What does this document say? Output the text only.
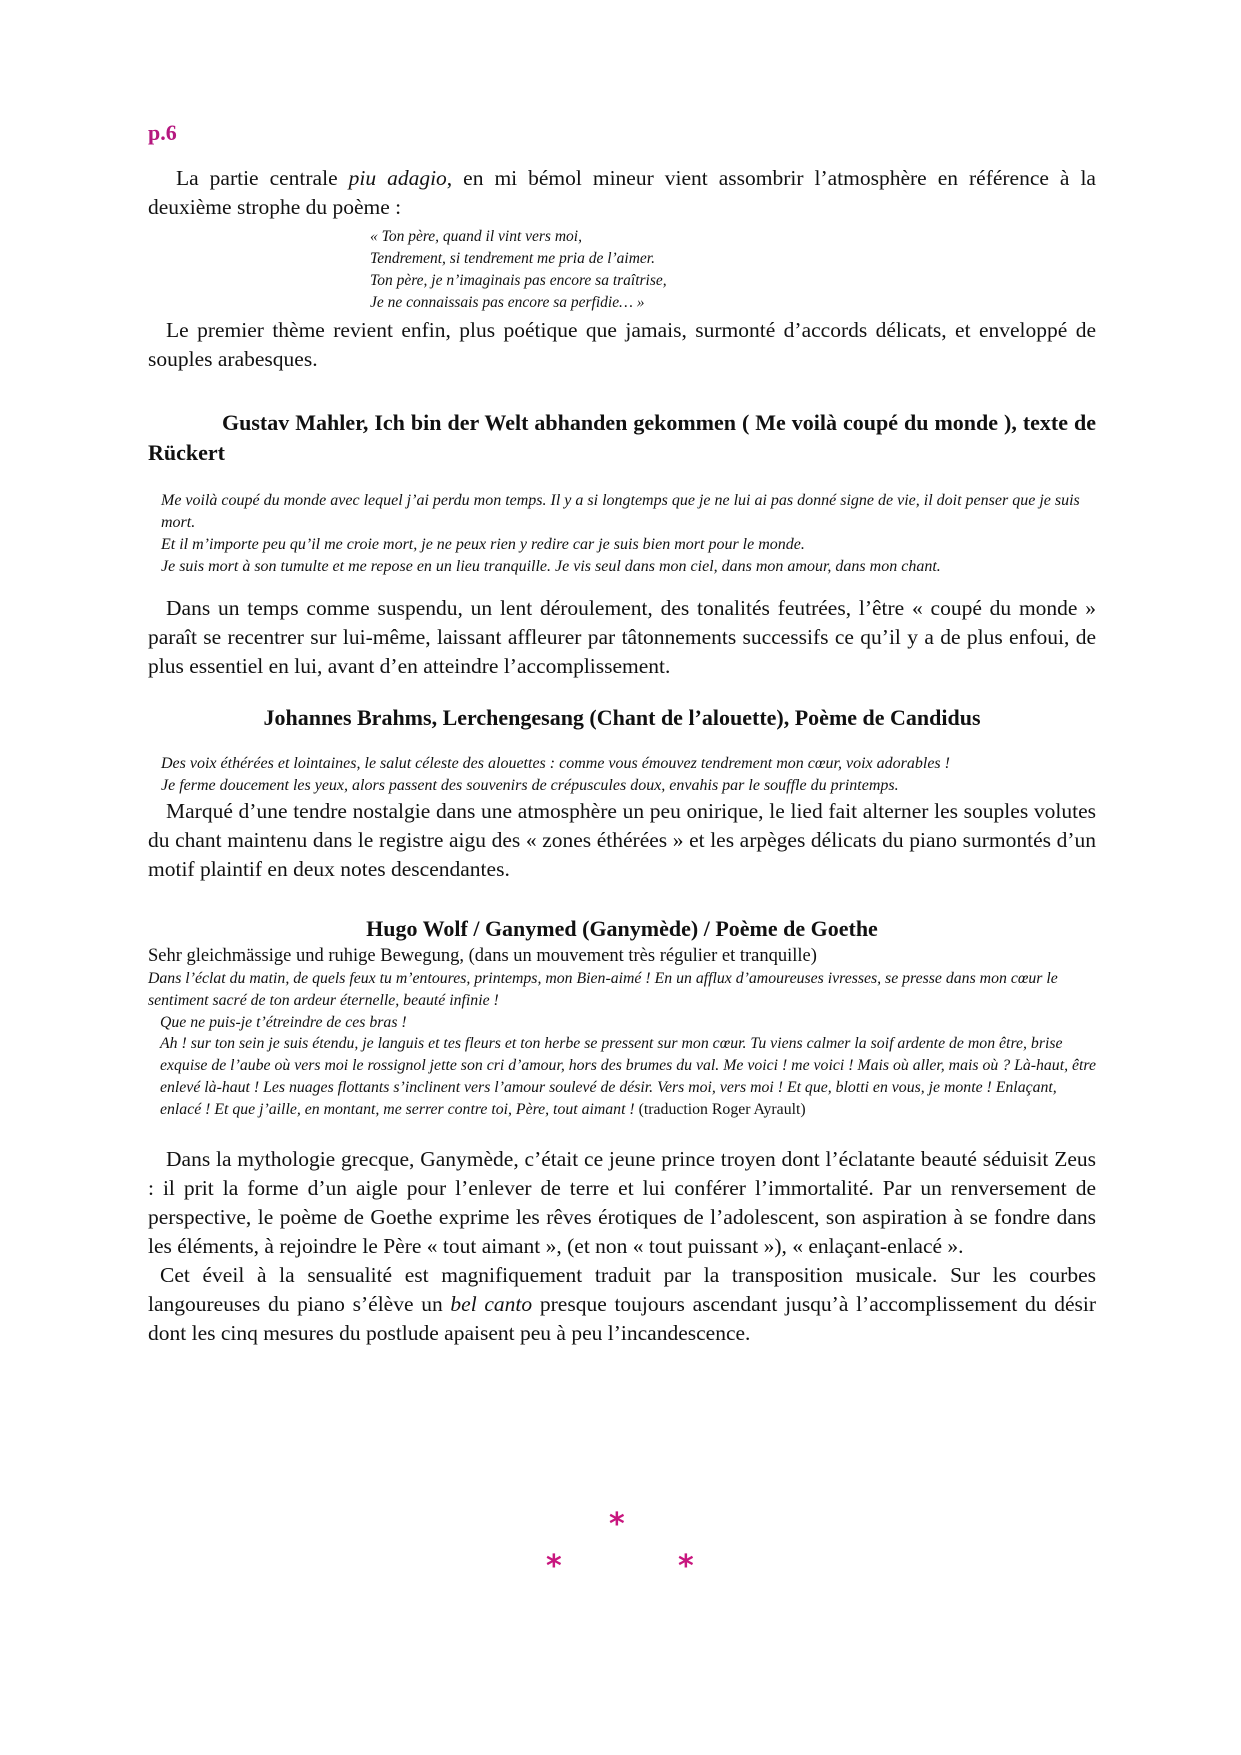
p.6

La partie centrale piu adagio, en mi bémol mineur vient assombrir l’atmosphère en référence à la deuxième strophe du poème :

« Ton père, quand il vint vers moi,
Tendrement, si tendrement me pria de l’aimer.
Ton père, je n’imaginais pas encore sa traîtrise,
Je ne connaissais pas encore sa perfidie… »

Le premier thème revient enfin, plus poétique que jamais, surmonté d’accords délicats, et enveloppé de souples arabesques.

Gustav Mahler, Ich bin der Welt abhanden gekommen ( Me voilà coupé du monde ), texte de Rückert

Me voilà coupé du monde avec lequel j’ai perdu mon temps. Il y a si longtemps que je ne lui ai pas donné signe de vie, il doit penser que je suis mort.
Et il m’importe peu qu’il me croie mort, je ne peux rien y redire car je suis bien mort pour le monde.
Je suis mort à son tumulte et me repose en un lieu tranquille. Je vis seul dans mon ciel, dans mon amour, dans mon chant.

Dans un temps comme suspendu, un lent déroulement, des tonalités feutrées, l’être « coupé du monde » paraît se recentrer sur lui-même, laissant affleurer par tâtonnements successifs ce qu’il y a de plus enfoui, de plus essentiel en lui, avant d’en atteindre l’accomplissement.

Johannes Brahms, Lerchengesang (Chant de l’alouette), Poème de Candidus

Des voix éthérées et lointaines, le salut céleste des alouettes : comme vous émouvez tendrement mon cœur, voix adorables !
Je ferme doucement les yeux, alors passent des souvenirs de crépuscules doux, envahis par le souffle du printemps.

Marqué d’une tendre nostalgie dans une atmosphère un peu onirique, le lied fait alterner les souples volutes du chant maintenu dans le registre aigu des « zones éthérées » et les arpèges délicats du piano surmontés d’un motif plaintif en deux notes descendantes.

Hugo Wolf / Ganymed (Ganymède) / Poème de Goethe

Sehr gleichmässige und ruhige Bewegung, (dans un mouvement très régulier et tranquille)

Dans l’éclat du matin, de quels feux tu m’entoures, printemps, mon Bien-aimé ! En un afflux d’amoureuses ivresses, se presse dans mon cœur le sentiment sacré de ton ardeur éternelle, beauté infinie !
Que ne puis-je t’étreindre de ces bras !
Ah ! sur ton sein je suis étendu, je languis et tes fleurs et ton herbe se pressent sur mon cœur. Tu viens calmer la soif ardente de mon être, brise exquise de l’aube où vers moi le rossignol jette son cri d’amour, hors des brumes du val. Me voici ! me voici ! Mais où aller, mais où ? Là-haut, être enlevé là-haut ! Les nuages flottants s’inclinent vers l’amour soulevé de désir. Vers moi, vers moi ! Et que, blotti en vous, je monte ! Enlaçant, enlacé ! Et que j’aille, en montant, me serrer contre toi, Père, tout aimant ! (traduction Roger Ayrault)

Dans la mythologie grecque, Ganymède, c’était ce jeune prince troyen dont l’éclatante beauté séduisit Zeus : il prit la forme d’un aigle pour l’enlever de terre et lui conférer l’immortalité. Par un renversement de perspective, le poème de Goethe exprime les rêves érotiques de l’adolescent, son aspiration à se fondre dans les éléments, à rejoindre le Père « tout aimant », (et non « tout puissant »), « enlaçant-enlacé ».

Cet éveil à la sensualité est magnifiquement traduit par la transposition musicale. Sur les courbes langoureuses du piano s’élève un bel canto presque toujours ascendant jusqu’à l’accomplissement du désir dont les cinq mesures du postlude apaisent peu à peu l’incandescence.

*
*	*
